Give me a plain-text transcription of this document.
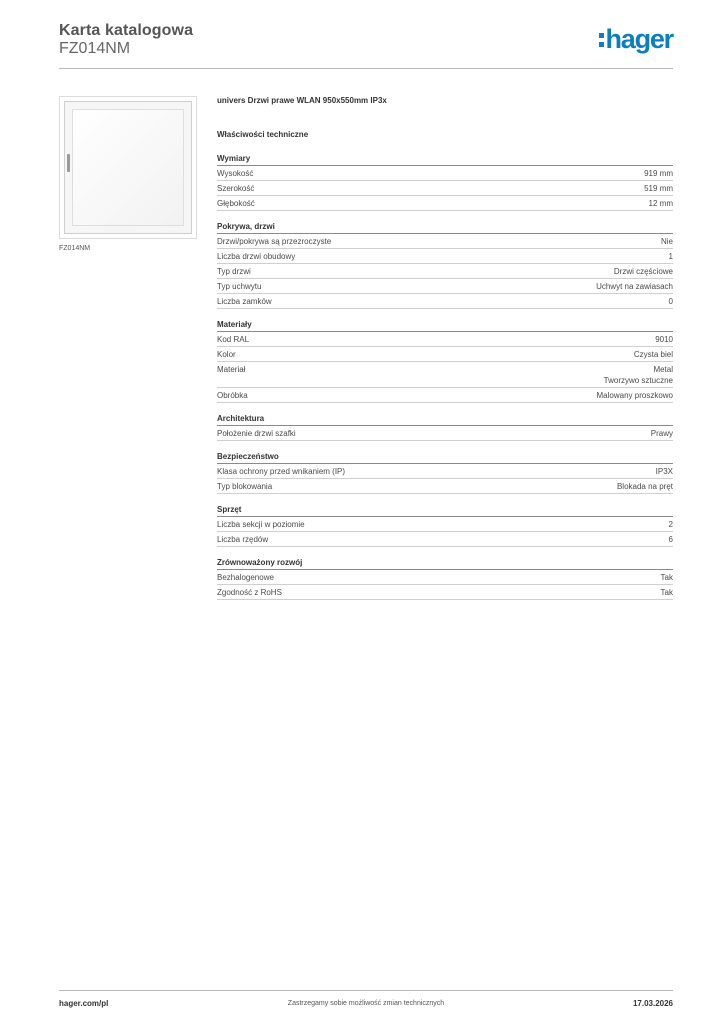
Karta katalogowa
FZ014NM	hager
FZ014NM
univers Drzwi prawe WLAN 950x550mm IP3x
Właściwości techniczne
Wymiary
Wysokość	919 mm
Szerokość	519 mm
Głębokość	12 mm
Pokrywa, drzwi
Drzwi/pokrywa są przezroczyste	Nie
Liczba drzwi obudowy	1
Typ drzwi	Drzwi częściowe
Typ uchwytu	Uchwyt na zawiasach
Liczba zamków	0
Materiały
Kod RAL	9010
Kolor	Czysta biel
Materiał	Metal
Tworzywo sztuczne
Obróbka	Malowany proszkowo
Architektura
Położenie drzwi szafki	Prawy
Bezpieczeństwo
Klasa ochrony przed wnikaniem (IP)	IP3X
Typ blokowania	Blokada na pręt
Sprzęt
Liczba sekcji w poziomie	2
Liczba rzędów	6
Zrównoważony rozwój
Bezhalogenowe	Tak
Zgodność z RoHS	Tak
Zastrzegamy sobie możliwość zmian technicznych
hager.com/pl	17.03.2026
